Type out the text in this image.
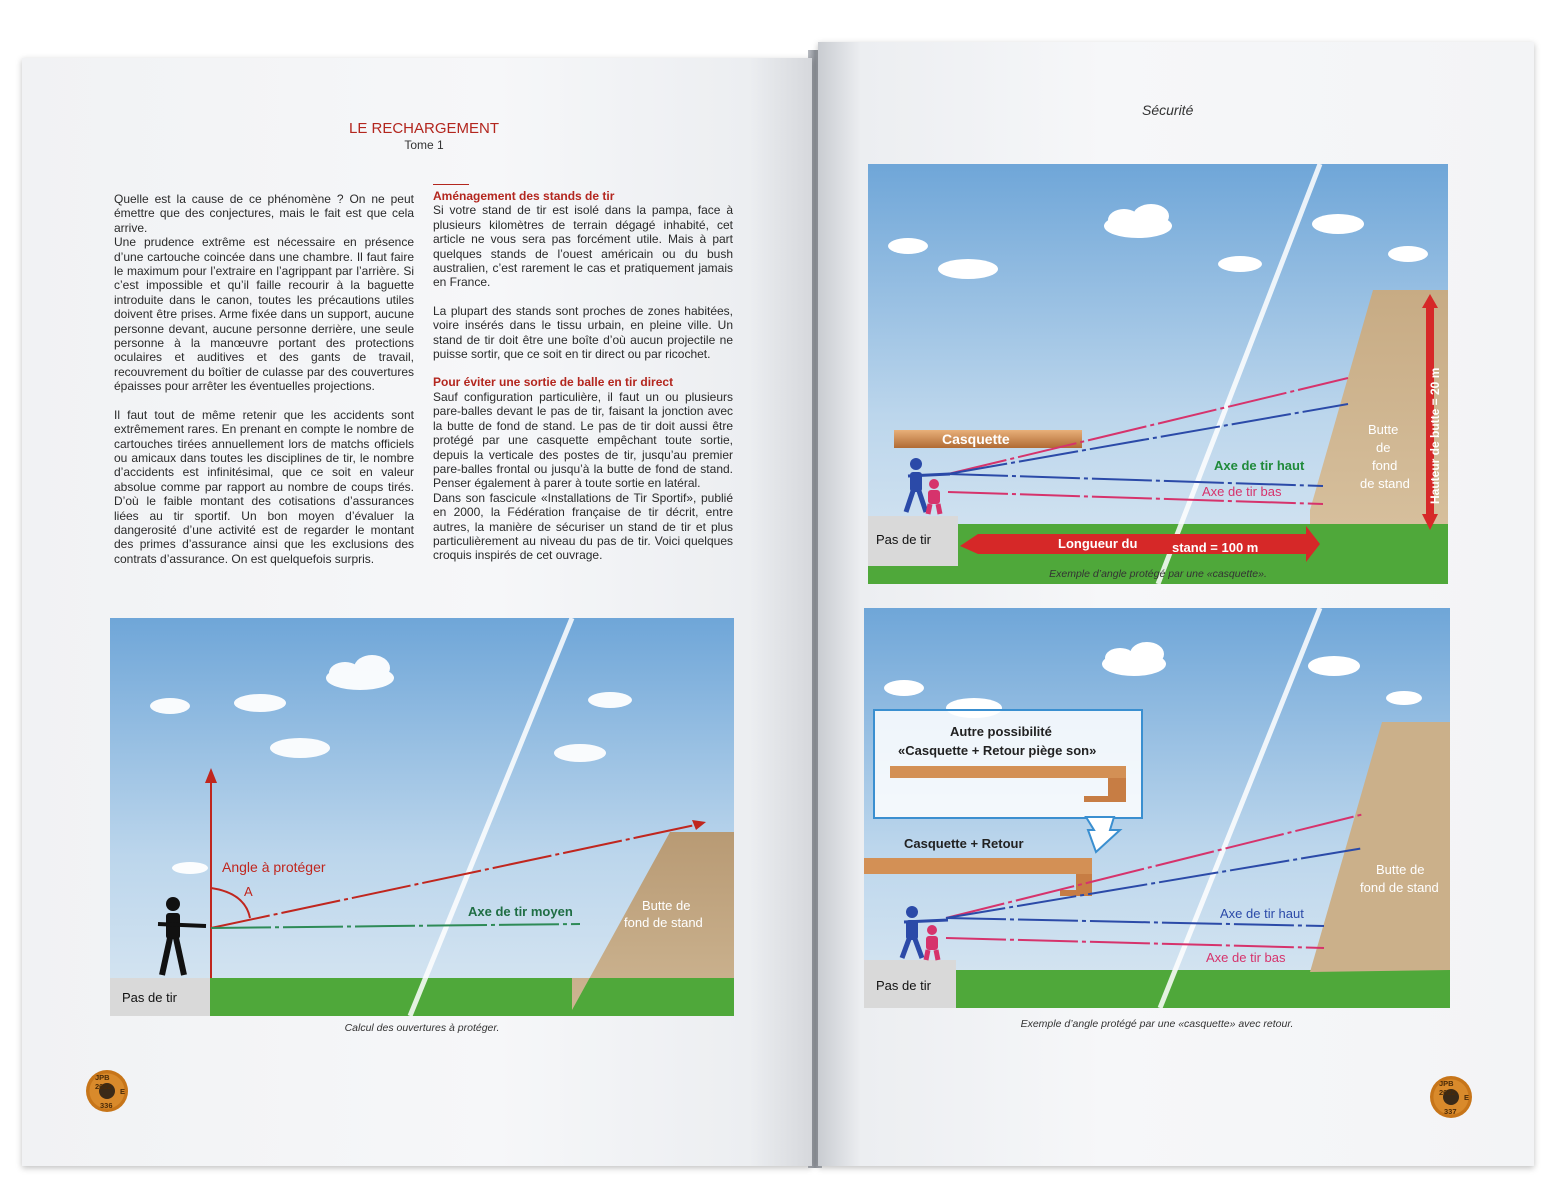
LE RECHARGEMENT
Tome 1

Quelle est la cause de ce phénomène ? On ne peut émettre que des conjectures, mais le fait est que cela arrive.

Une prudence extrême est nécessaire en présence d’une cartouche coincée dans une chambre. Il faut faire le maximum pour l’extraire en l’agrippant par l’arrière. Si c’est impossible et qu’il faille recourir à la baguette introduite dans le canon, toutes les précautions utiles doivent être prises. Arme fixée dans un support, aucune personne devant, aucune personne derrière, une seule personne à la manœuvre portant des protections oculaires et auditives et des gants de travail, recouvrement du boîtier de culasse par des couvertures épaisses pour arrêter les éventuelles projections.

Il faut tout de même retenir que les accidents sont extrêmement rares. En prenant en compte le nombre de cartouches tirées annuellement lors de matchs officiels ou amicaux dans toutes les disciplines de tir, le nombre d’accidents est infinitésimal, que ce soit en valeur absolue comme par rapport au nombre de coups tirés. D’où le faible montant des cotisations d’assurances liées au tir sportif. Un bon moyen d’évaluer la dangerosité d’une activité est de regarder le montant des primes d’assurance ainsi que les exclusions des contrats d’assurance. On est quelquefois surpris.

Aménagement des stands de tir

Si votre stand de tir est isolé dans la pampa, face à plusieurs kilomètres de terrain dégagé inhabité, cet article ne vous sera pas forcément utile. Mais à part quelques stands de l’ouest américain ou du bush australien, c’est rarement le cas et pratiquement jamais en France.

La plupart des stands sont proches de zones habitées, voire insérés dans le tissu urbain, en pleine ville. Un stand de tir doit être une boîte d’où aucun projectile ne puisse sortir, que ce soit en tir direct ou par ricochet.

Pour éviter une sortie de balle en tir direct

Sauf configuration particulière, il faut un ou plusieurs pare-balles devant le pas de tir, faisant la jonction avec la butte de fond de stand. Le pas de tir doit aussi être protégé par une casquette empêchant toute sortie, depuis la verticale des postes de tir, jusqu’au premier pare-balles frontal ou jusqu’à la butte de fond de stand. Penser également à parer à toute sortie en latéral.

Dans son fascicule «Installations de Tir Sportif», publié en 2000, la Fédération française de tir décrit, entre autres, la manière de sécuriser un stand de tir et plus particulièrement au niveau du pas de tir. Voici quelques croquis inspirés de cet ouvrage.

Angle à protéger
A
Axe de tir moyen	Butte de
fond de stand
Pas de tir
Calcul des ouvertures à protéger.
JPB 2022
336
E
Sécurité
Casquette
Axe de tir haut
Axe de tir bas
Butte
de
fond
de stand Hauteur de butte = 20 m
Longueur du	stand = 100 m
Pas de tir
Exemple d’angle protégé par une «casquette».
Autre possibilité
«Casquette + Retour piège son»
Casquette + Retour
Axe de tir haut
Axe de tir bas
Butte de
fond de stand
Pas de tir
Exemple d’angle protégé par une «casquette» avec retour.
JPB 2022
337
E
